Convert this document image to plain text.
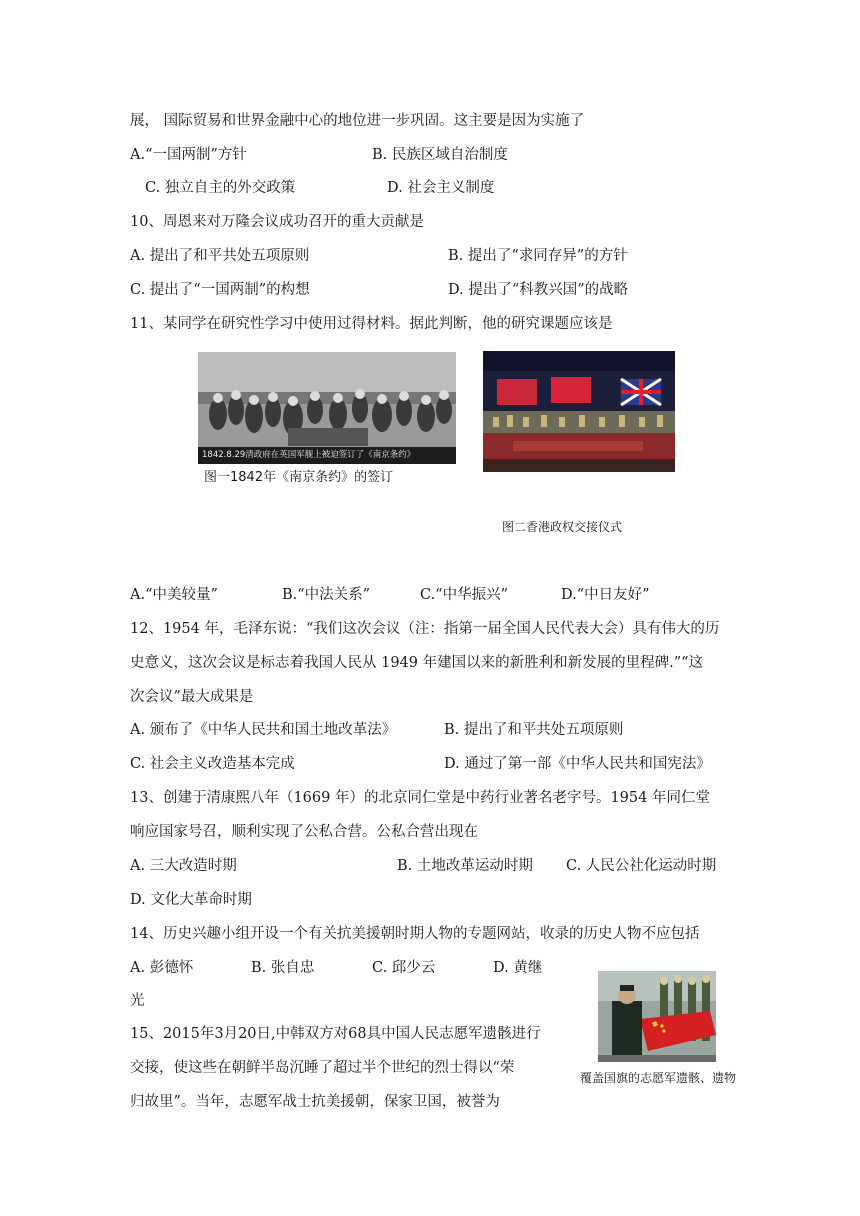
展， 国际贸易和世界金融中心的地位进一步巩固。这主要是因为实施了
A.“一国两制”方针	B. 民族区域自治制度
C. 独立自主的外交政策	D. 社会主义制度
10、周恩来对万隆会议成功召开的重大贡献是
A. 提出了和平共处五项原则	B. 提出了“求同存异”的方针
C. 提出了“一国两制”的构想	D. 提出了“科教兴国”的战略
11、某同学在研究性学习中使用过得材料。据此判断，他的研究课题应该是
1842.8.29清政府在英国军舰上被迫签订了《南京条约》
图一1842年《南京条约》的签订
图二香港政权交接仪式
A.“中美较量”	B.“中法关系”	C.“中华振兴”	D.“中日友好”
12、1954 年，毛泽东说：“我们这次会议（注：指第一届全国人民代表大会）具有伟大的历
史意义，这次会议是标志着我国人民从 1949 年建国以来的新胜利和新发展的里程碑.”“这
次会议”最大成果是
A. 颁布了《中华人民共和国土地改革法》	B. 提出了和平共处五项原则
C. 社会主义改造基本完成	D. 通过了第一部《中华人民共和国宪法》
13、创建于清康熙八年（1669 年）的北京同仁堂是中药行业著名老字号。1954 年同仁堂
响应国家号召，顺利实现了公私合营。公私合营出现在
A. 三大改造时期	B. 土地改革运动时期 C. 人民公社化运动时期
D. 文化大革命时期
14、历史兴趣小组开设一个有关抗美援朝时期人物的专题网站，收录的历史人物不应包括
A. 彭德怀	B. 张自忠	C. 邱少云	D. 黄继
光
15、2015年3月20日,中韩双方对68具中国人民志愿军遗骸进行
交接，使这些在朝鲜半岛沉睡了超过半个世纪的烈士得以“荣
归故里”。当年，志愿军战士抗美援朝，保家卫国，被誉为
覆盖国旗的志愿军遗骸、遗物
